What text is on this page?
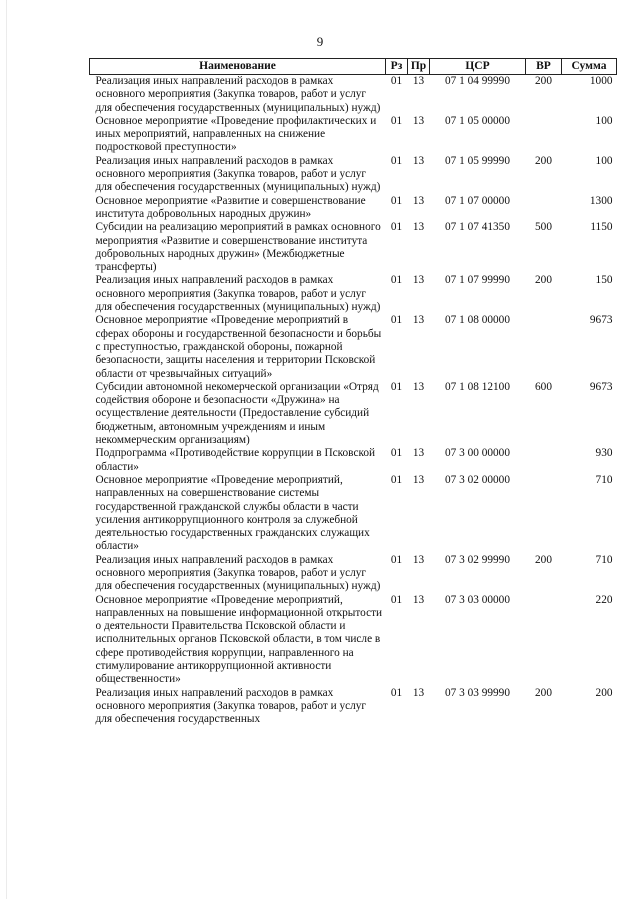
9
Наименование	Рз	Пр	ЦСР	ВР	Сумма
Реализация иных направлений расходов в рамках основного мероприятия (Закупка товаров, работ и услуг для обеспечения государственных (муниципальных) нужд)	01	13	07 1 04 99990	200	1000
Основное мероприятие «Проведение профилактических и иных мероприятий, направленных на снижение подростковой преступности»	01	13	07 1 05 00000		100
Реализация иных направлений расходов в рамках основного мероприятия (Закупка товаров, работ и услуг для обеспечения государственных (муниципальных) нужд)	01	13	07 1 05 99990	200	100
Основное мероприятие «Развитие и совершенствование института добровольных народных дружин»	01	13	07 1 07 00000		1300
Субсидии на реализацию мероприятий в рамках основного мероприятия «Развитие и совершенствование института добровольных народных дружин» (Межбюджетные трансферты)	01	13	07 1 07 41350	500	1150
Реализация иных направлений расходов в рамках основного мероприятия (Закупка товаров, работ и услуг для обеспечения государственных (муниципальных) нужд)	01	13	07 1 07 99990	200	150
Основное мероприятие «Проведение мероприятий в сферах обороны и государственной безопасности и борьбы с преступностью, гражданской обороны, пожарной безопасности, защиты населения и территории Псковской области от чрезвычайных ситуаций»	01	13	07 1 08 00000		9673
Субсидии автономной некомерческой организации «Отряд содействия обороне и безопасности «Дружина» на осуществление деятельности (Предоставление субсидий бюджетным, автономным учреждениям и иным некоммерческим организациям)	01	13	07 1 08 12100	600	9673
Подпрограмма «Противодействие коррупции в Псковской области»	01	13	07 3 00 00000		930
Основное мероприятие «Проведение мероприятий, направленных на совершенствование системы государственной гражданской службы области в части усиления антикоррупционного контроля за служебной деятельностью государственных гражданских служащих области»	01	13	07 3 02 00000		710
Реализация иных направлений расходов в рамках основного мероприятия (Закупка товаров, работ и услуг для обеспечения государственных (муниципальных) нужд)	01	13	07 3 02 99990	200	710
Основное мероприятие «Проведение мероприятий, направленных на повышение информационной открытости о деятельности Правительства Псковской области и исполнительных органов Псковской области, в том числе в сфере противодействия коррупции, направленного на стимулирование антикоррупционной активности общественности»	01	13	07 3 03 00000		220
Реализация иных направлений расходов в рамках основного мероприятия (Закупка товаров, работ и услуг для обеспечения государственных	01	13	07 3 03 99990	200	200
